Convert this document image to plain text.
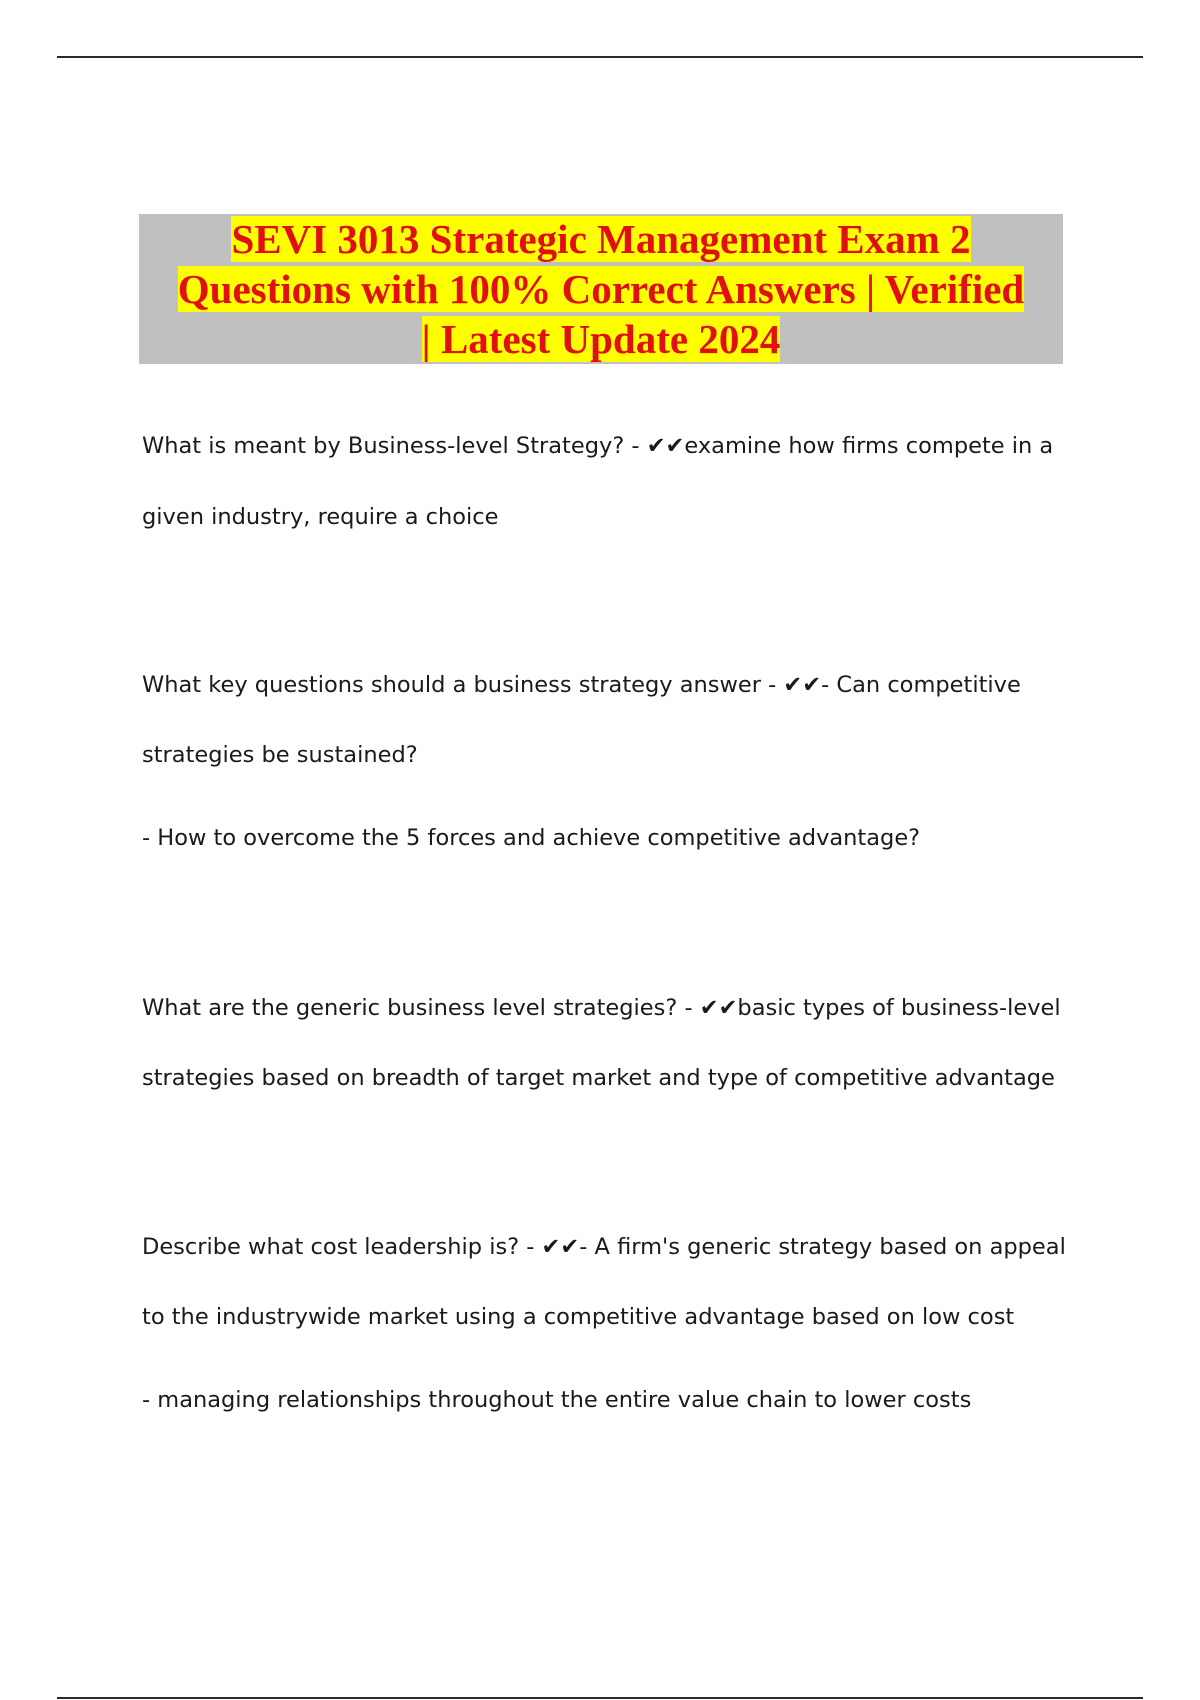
SEVI 3013 Strategic Management Exam 2
Questions with 100% Correct Answers | Verified
| Latest Update 2024
What is meant by Business-level Strategy? - ✔✔examine how firms compete in a
given industry, require a choice
What key questions should a business strategy answer - ✔✔- Can competitive
strategies be sustained?
- How to overcome the 5 forces and achieve competitive advantage?
What are the generic business level strategies? - ✔✔basic types of business-level
strategies based on breadth of target market and type of competitive advantage
Describe what cost leadership is? - ✔✔- A firm's generic strategy based on appeal
to the industrywide market using a competitive advantage based on low cost
- managing relationships throughout the entire value chain to lower costs
